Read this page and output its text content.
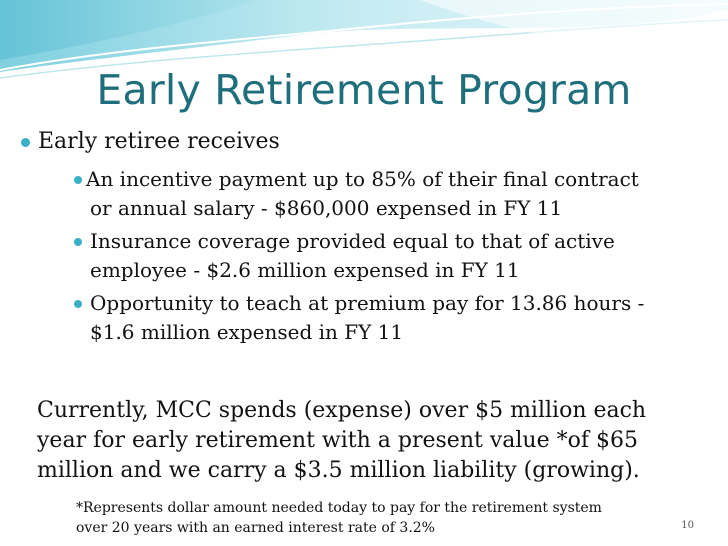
Early Retirement Program
Early retiree receives
An incentive payment up to 85% of their final contract
or annual salary - $860,000 expensed in FY 11
Insurance coverage provided equal to that of active
employee - $2.6 million expensed in FY 11
Opportunity to teach at premium pay for 13.86 hours -
$1.6 million expensed in FY 11
Currently, MCC spends (expense) over $5 million each
year for early retirement with a present value *of $65
million and we carry a $3.5 million liability (growing).
*Represents dollar amount needed today to pay for the retirement system
over 20 years with an earned interest rate of 3.2%	10
